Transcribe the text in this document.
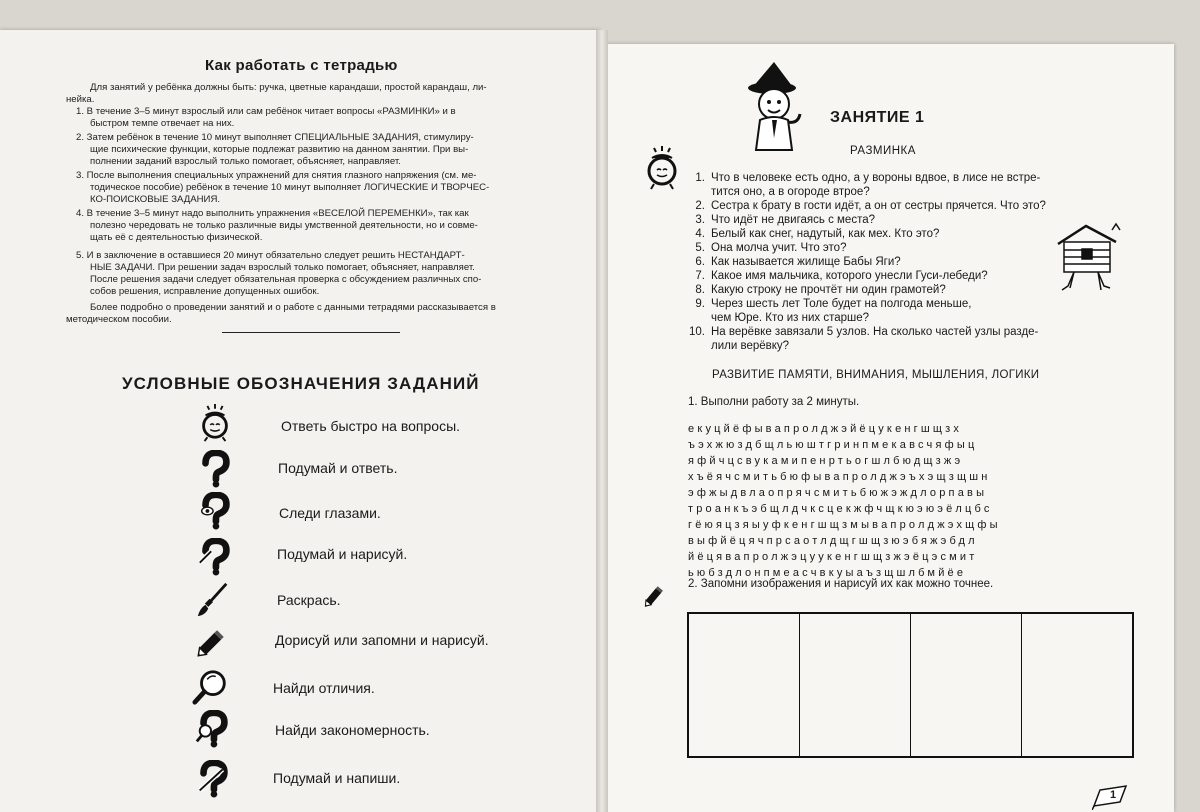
Как работать с тетрадью
Для занятий у ребёнка должны быть: ручка, цветные карандаши, простой карандаш, ли-
нейка.
1. В течение 3–5 минут взрослый или сам ребёнок читает вопросы «РАЗМИНКИ» и в
быстром темпе отвечает на них.
2. Затем ребёнок в течение 10 минут выполняет СПЕЦИАЛЬНЫЕ ЗАДАНИЯ, стимулиру-
щие психические функции, которые подлежат развитию на данном занятии. При вы-
полнении заданий взрослый только помогает, объясняет, направляет.
3. После выполнения специальных упражнений для снятия глазного напряжения (см. ме-
тодическое пособие) ребёнок в течение 10 минут выполняет ЛОГИЧЕСКИЕ И ТВОРЧЕС-
КО-ПОИСКОВЫЕ ЗАДАНИЯ.
4. В течение 3–5 минут надо выполнить упражнения «ВЕСЕЛОЙ ПЕРЕМЕНКИ», так как
полезно чередовать не только различные виды умственной деятельности, но и совме-
щать её с деятельностью физической.
5. И в заключение в оставшиеся 20 минут обязательно следует решить НЕСТАНДАРТ-
НЫЕ ЗАДАЧИ. При решении задач взрослый только помогает, объясняет, направляет.
После решения задачи следует обязательная проверка с обсуждением различных спо-
собов решения, исправление допущенных ошибок.
Более подробно о проведении занятий и о работе с данными тетрадями рассказывается в
методическом пособии.
УСЛОВНЫЕ ОБОЗНАЧЕНИЯ ЗАДАНИЙ
Ответь быстро на вопросы.
Подумай и ответь.
Следи глазами.
Подумай и нарисуй.
Раскрась.
Дорисуй или запомни и нарисуй.
Найди отличия.
Найди закономерность.
Подумай и напиши.
ЗАНЯТИЕ 1
РАЗМИНКА
1. Что в человеке есть одно, а у вороны вдвое, в лисе не встре-
тится оно, а в огороде втрое?
2. Сестра к брату в гости идёт, а он от сестры прячется. Что это?
3. Что идёт не двигаясь с места?
4. Белый как снег, надутый, как мех. Кто это?
5. Она молча учит. Что это?
6. Как называется жилище Бабы Яги?
7. Какое имя мальчика, которого унесли Гуси-лебеди?
8. Какую строку не прочтёт ни один грамотей?
9. Через шесть лет Толе будет на полгода меньше,
чем Юре. Кто из них старше?
10. На верёвке завязали 5 узлов. На сколько частей узлы разде-
лили верёвку?
РАЗВИТИЕ ПАМЯТИ, ВНИМАНИЯ, МЫШЛЕНИЯ, ЛОГИКИ
1. Выполни работу за 2 минуты.
екуцйёфывапролджэйёцукенгшщзх
ъэхжюздбщльюштгринпмекавсчяфыц
яфйчцсвукамипенртьогшлбюдщзжэ
хъёячсмитьбюфывапролджэъхэщзщшн
эфжыдвлаопрячсмитьбюжэждлорпавы
троанкъэбщлдчксцекжфчщкюэюэёлцбс
гёюяцзяыуфкенгшщзмывапролджэхщфы
выфйёцячпрсаотлдщгшщзюэбяжэбдл
йёцявапролжэцуукенгшщзжэёцэсмит
ьюбздлонпмеасчвкуыаъзщшлбмйёе
2. Запомни изображения и нарисуй их как можно точнее.
1
